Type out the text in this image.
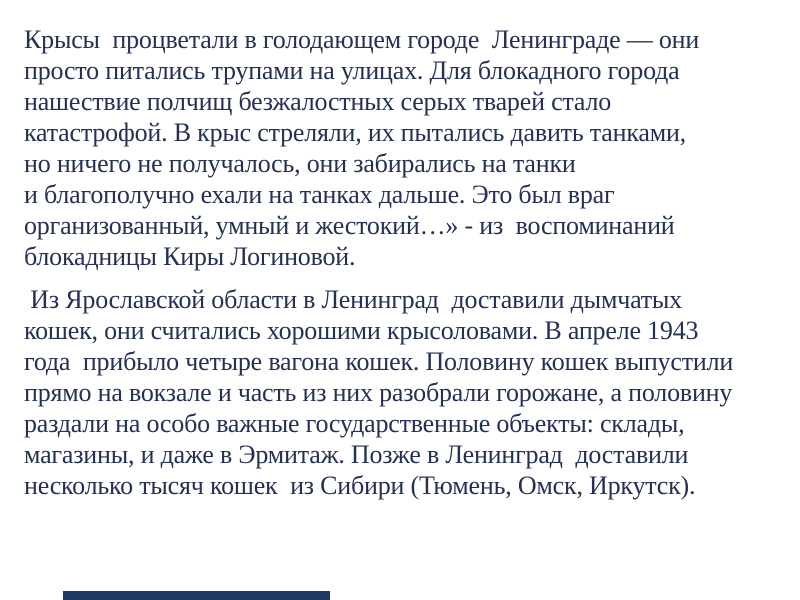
Крысы  процветали в голодающем городе  Ленинграде — они
просто питались трупами на улицах. Для блокадного города
нашествие полчищ безжалостных серых тварей стало
катастрофой. В крыс стреляли, их пытались давить танками,
но ничего не получалось, они забирались на танки
и благополучно ехали на танках дальше. Это был враг
организованный, умный и жестокий…» - из  воспоминаний
блокадницы Киры Логиновой.
Из Ярославской области в Ленинград  доставили дымчатых
кошек, они считались хорошими крысоловами. В апреле 1943
года  прибыло четыре вагона кошек. Половину кошек выпустили
прямо на вокзале и часть из них разобрали горожане, а половину
раздали на особо важные государственные объекты: склады,
магазины, и даже в Эрмитаж. Позже в Ленинград  доставили
несколько тысяч кошек  из Сибири (Тюмень, Омск, Иркутск).
